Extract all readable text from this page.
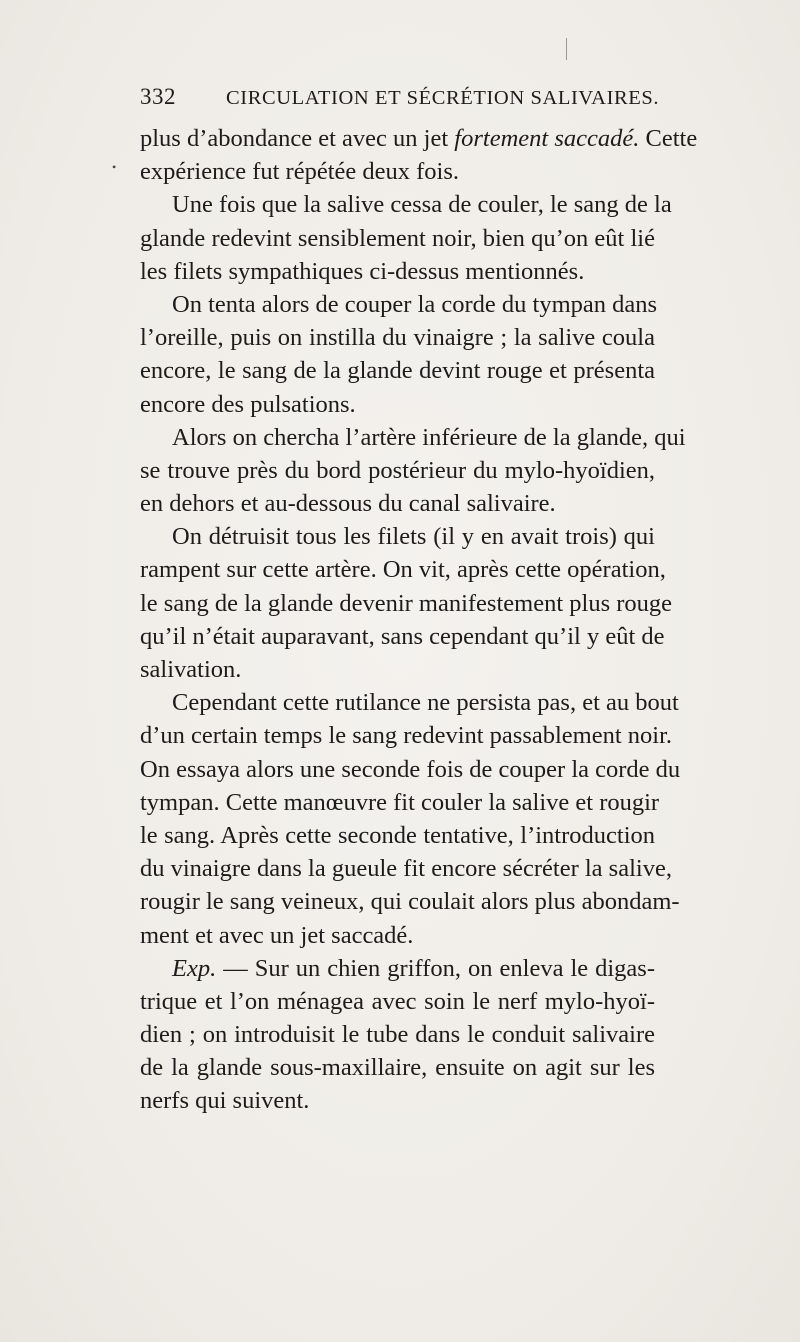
332 CIRCULATION ET SÉCRÉTION SALIVAIRES.
•
plus d’abondance et avec un jet fortement saccadé. Cette
expérience fut répétée deux fois.
Une fois que la salive cessa de couler, le sang de la
glande redevint sensiblement noir, bien qu’on eût lié
les filets sympathiques ci-dessus mentionnés.
On tenta alors de couper la corde du tympan dans
l’oreille, puis on instilla du vinaigre ; la salive coula
encore, le sang de la glande devint rouge et présenta
encore des pulsations.
Alors on chercha l’artère inférieure de la glande, qui
se trouve près du bord postérieur du mylo-hyoïdien,
en dehors et au-dessous du canal salivaire.
On détruisit tous les filets (il y en avait trois) qui
rampent sur cette artère. On vit, après cette opération,
le sang de la glande devenir manifestement plus rouge
qu’il n’était auparavant, sans cependant qu’il y eût de
salivation.
Cependant cette rutilance ne persista pas, et au bout
d’un certain temps le sang redevint passablement noir.
On essaya alors une seconde fois de couper la corde du
tympan. Cette manœuvre fit couler la salive et rougir
le sang. Après cette seconde tentative, l’introduction
du vinaigre dans la gueule fit encore sécréter la salive,
rougir le sang veineux, qui coulait alors plus abondam-
ment et avec un jet saccadé.
Exp. — Sur un chien griffon, on enleva le digas-
trique et l’on ménagea avec soin le nerf mylo-hyoï-
dien ; on introduisit le tube dans le conduit salivaire
de la glande sous-maxillaire, ensuite on agit sur les
nerfs qui suivent.
